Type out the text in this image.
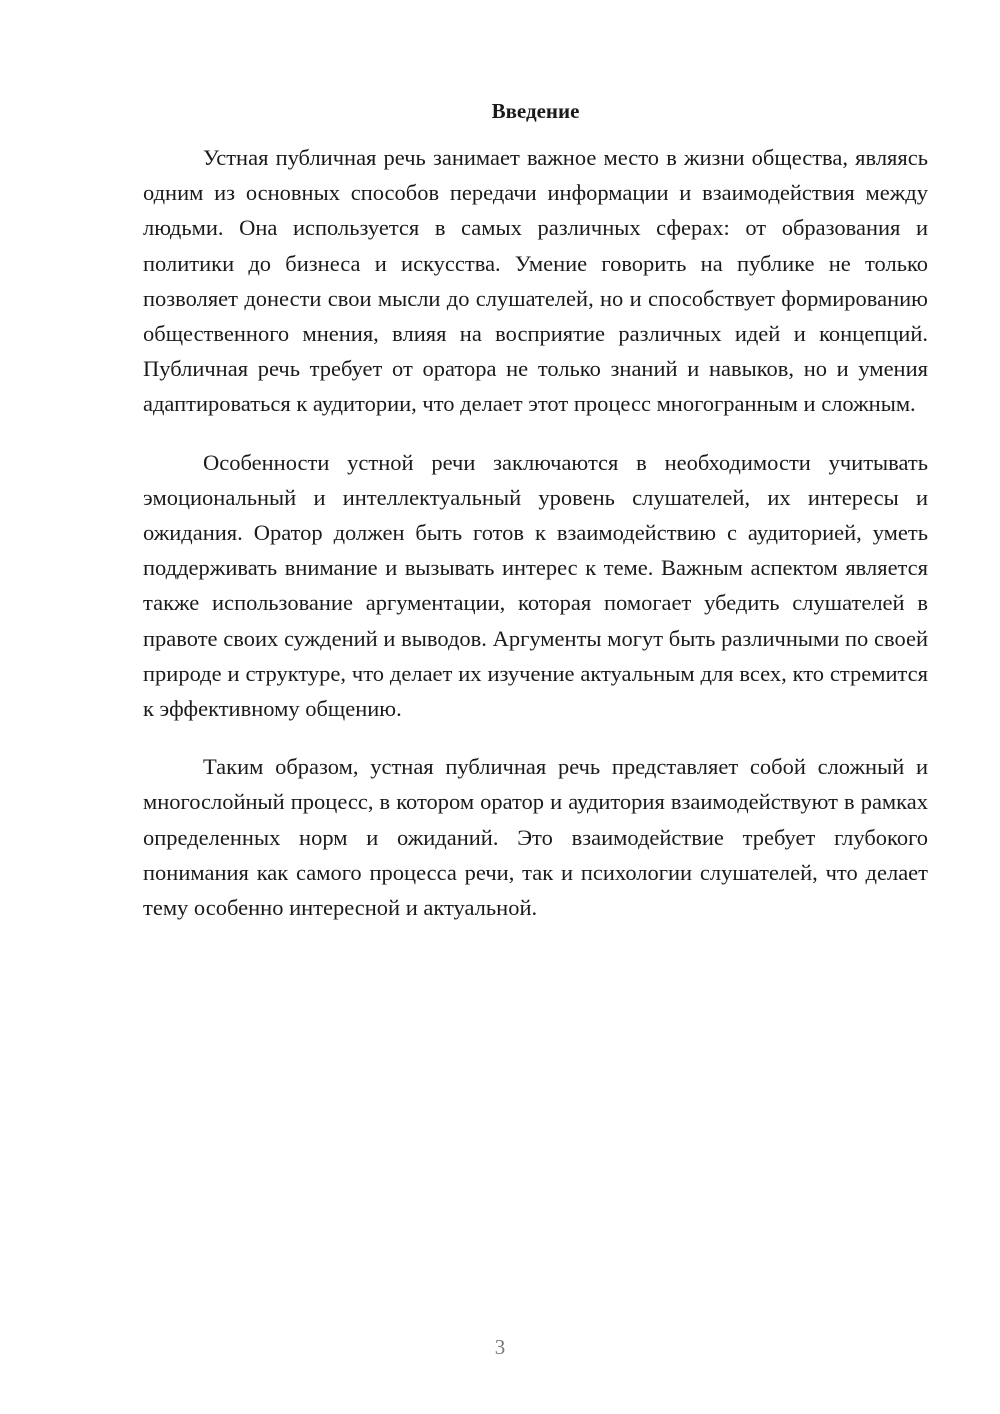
Введение

Устная публичная речь занимает важное место в жизни общества, являясь одним из основных способов передачи информации и взаимодействия между людьми. Она используется в самых различных сферах: от образования и политики до бизнеса и искусства. Умение говорить на публике не только позволяет донести свои мысли до слушателей, но и способствует формированию общественного мнения, влияя на восприятие различных идей и концепций. Публичная речь требует от оратора не только знаний и навыков, но и умения адаптироваться к аудитории, что делает этот процесс многогранным и сложным.

Особенности устной речи заключаются в необходимости учитывать эмоциональный и интеллектуальный уровень слушателей, их интересы и ожидания. Оратор должен быть готов к взаимодействию с аудиторией, уметь поддерживать внимание и вызывать интерес к теме. Важным аспектом является также использование аргументации, которая помогает убедить слушателей в правоте своих суждений и выводов. Аргументы могут быть различными по своей природе и структуре, что делает их изучение актуальным для всех, кто стремится к эффективному общению.

Таким образом, устная публичная речь представляет собой сложный и многослойный процесс, в котором оратор и аудитория взаимодействуют в рамках определенных норм и ожиданий. Это взаимодействие требует глубокого понимания как самого процесса речи, так и психологии слушателей, что делает тему особенно интересной и актуальной.

3
